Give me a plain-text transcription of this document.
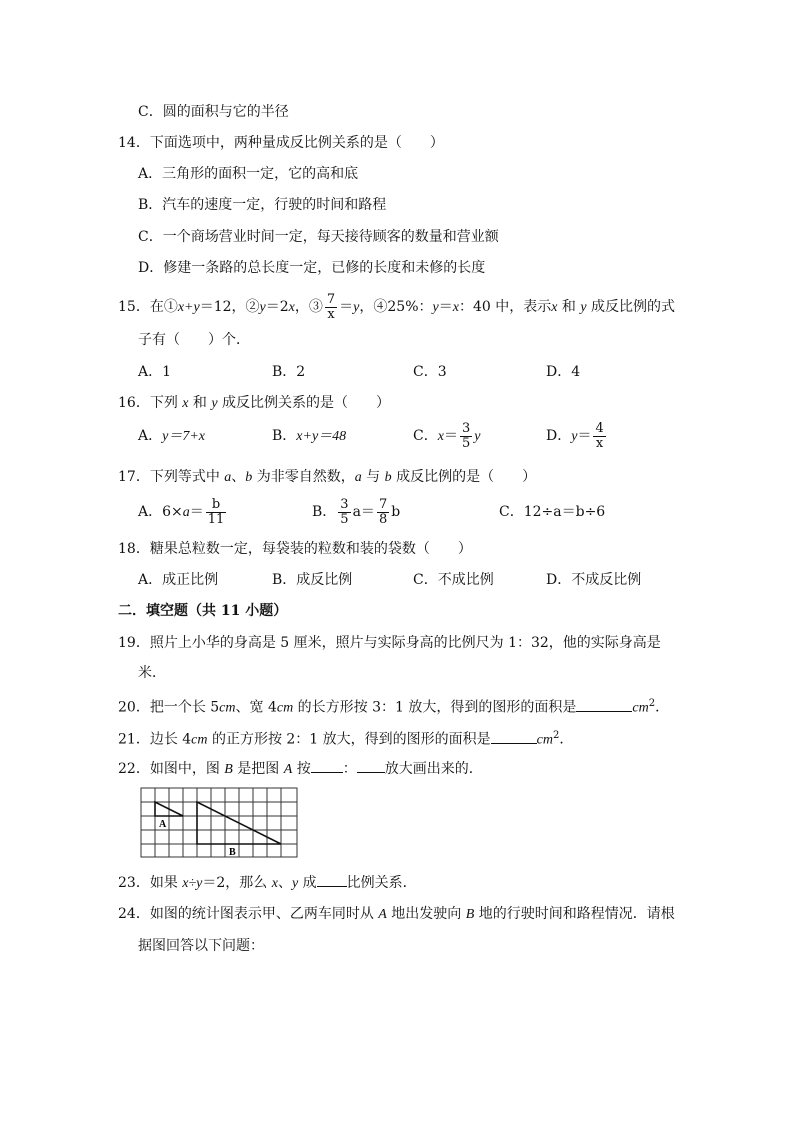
C．圆的面积与它的半径
14．下面选项中，两种量成反比例关系的是（　　）
A．三角形的面积一定，它的高和底
B．汽车的速度一定，行驶的时间和路程
C．一个商场营业时间一定，每天接待顾客的数量和营业额
D．修建一条路的总长度一定，已修的长度和未修的长度
15．在①x+y＝12，②y＝2x，③ $\frac{7}{x} =y$，④25%：y＝x：40 中，表示x 和 y 成反比例的式
子有（　　）个．
A．1	B．2	C．3	D．4
16．下列 x 和 y 成反比例关系的是（　　）
A．y＝7+x	B．x+y＝48	C．$x= \frac{3}{5}$ y	D．$y= \frac{4}{x}$
17．下列等式中 a、b 为非零自然数，a 与 b 成反比例的是（　　）
A．$6\times a= \frac{b}{11}$	B． $\frac{3}{5} a= \frac{7}{8}$ b	C．12÷a＝b÷6
18．糖果总粒数一定，每袋装的粒数和装的袋数（　　）
A．成正比例	B．成反比例	C．不成比例	D．不成反比例
二．填空题（共 11 小题）
19．照片上小华的身高是 5 厘米，照片与实际身高的比例尺为 1：32，他的实际身高是
米．
20．把一个长 5cm、宽 4cm 的长方形按 3：1 放大，得到的图形的面积是	$cm^2$．
21．边长 4cm 的正方形按 2：1 放大，得到的图形的面积是	$cm^2$．
22．如图中，图 B 是把图 A 按 ： 放大画出来的．
A
B
23．如果 x÷y＝2，那么 x、y 成 比例关系．
24．如图的统计图表示甲、乙两车同时从 A 地出发驶向 B 地的行驶时间和路程情况．请根
据图回答以下问题：
